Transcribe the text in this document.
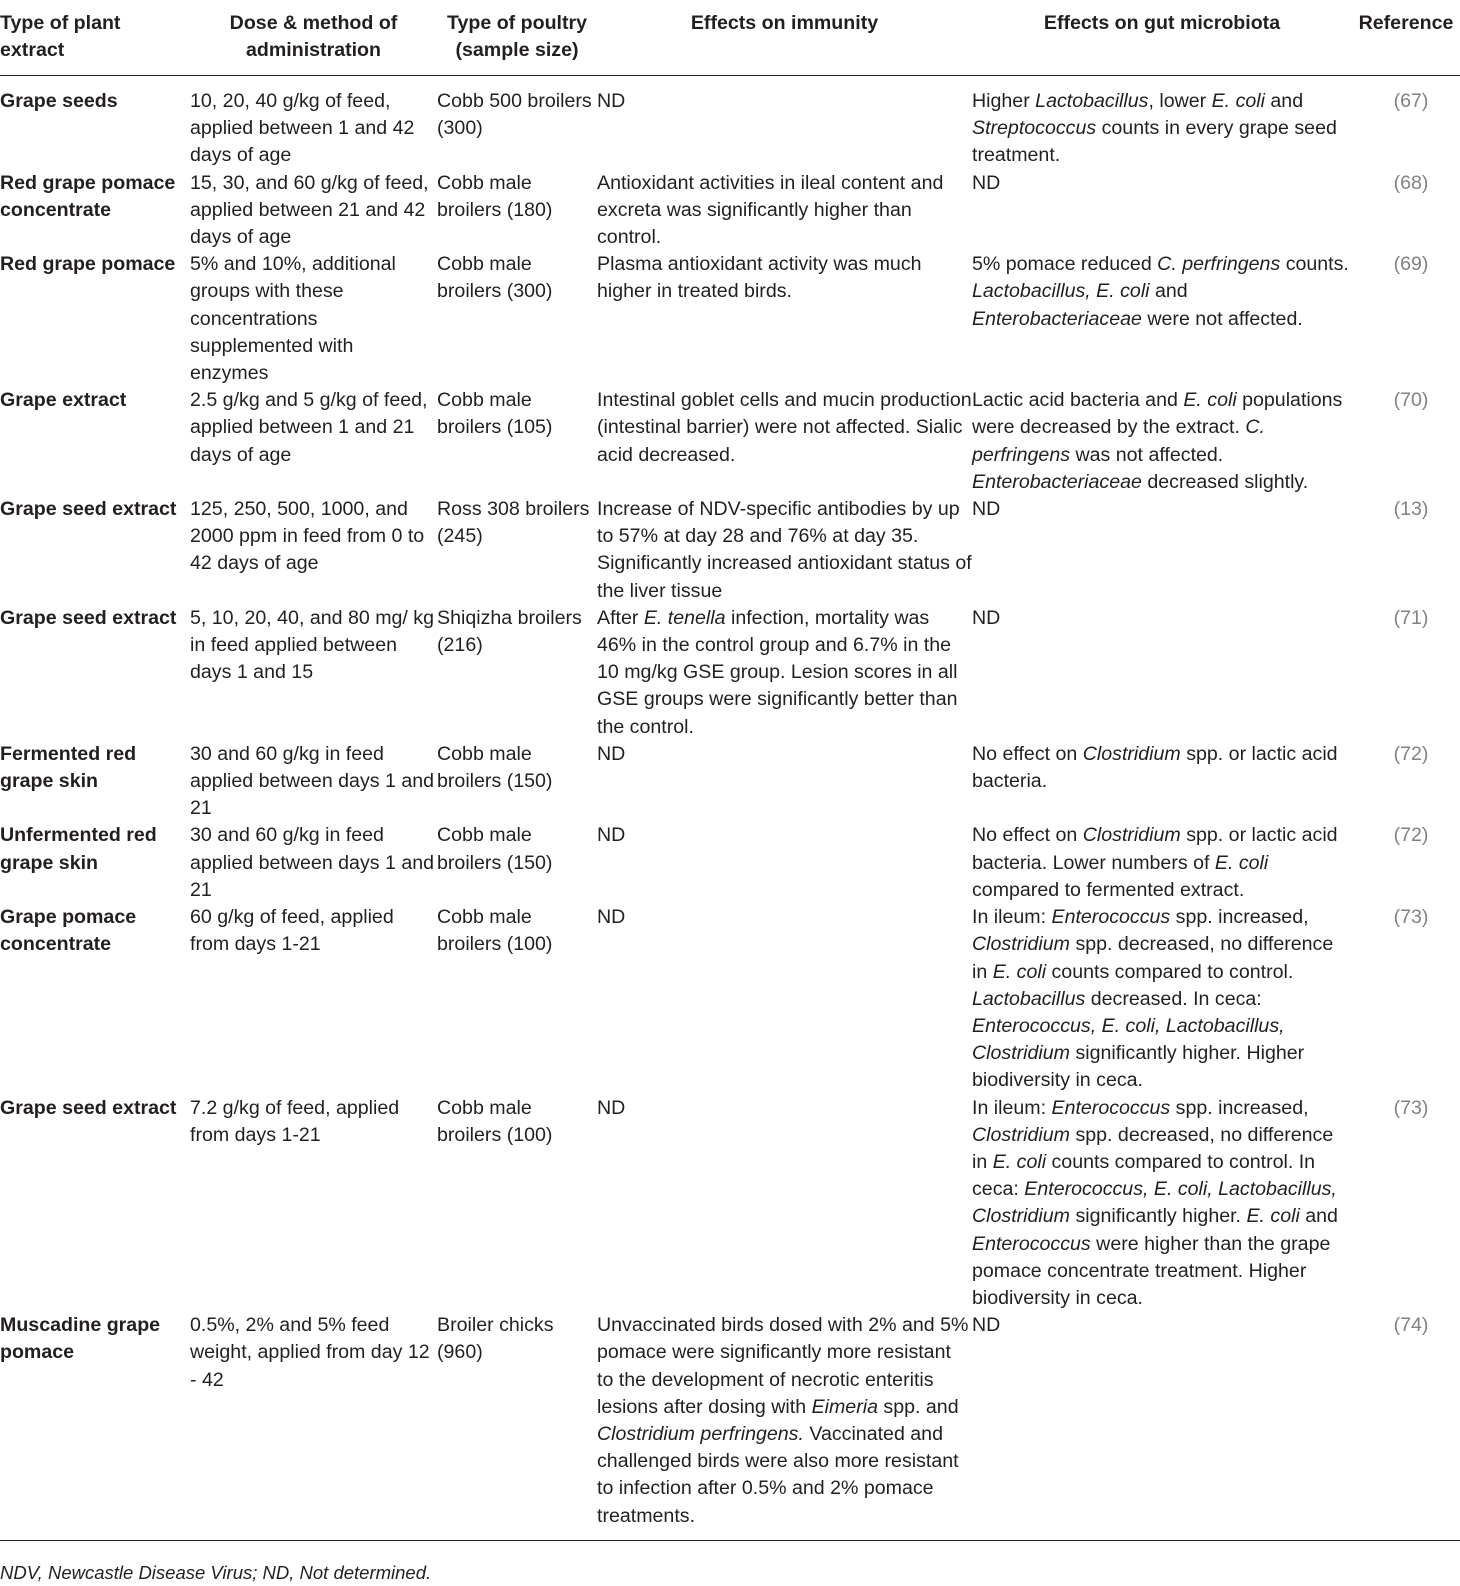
Type of plant extract	Dose & method of administration	Type of poultry (sample size)	Effects on immunity	Effects on gut microbiota	Reference
Grape seeds	10, 20, 40 g/kg of feed, applied between 1 and 42 days of age	Cobb 500 broilers (300)	ND	Higher Lactobacillus, lower E. coli and Streptococcus counts in every grape seed treatment.	(67)
Red grape pomace concentrate	15, 30, and 60 g/kg of feed, applied between 21 and 42 days of age	Cobb male broilers (180)	Antioxidant activities in ileal content and excreta was significantly higher than control.	ND	(68)
Red grape pomace	5% and 10%, additional groups with these concentrations supplemented with enzymes	Cobb male broilers (300)	Plasma antioxidant activity was much higher in treated birds.	5% pomace reduced C. perfringens counts. Lactobacillus, E. coli and Enterobacteriaceae were not affected.	(69)
Grape extract	2.5 g/kg and 5 g/kg of feed, applied between 1 and 21 days of age	Cobb male broilers (105)	Intestinal goblet cells and mucin production (intestinal barrier) were not affected. Sialic acid decreased.	Lactic acid bacteria and E. coli populations were decreased by the extract. C. perfringens was not affected. Enterobacteriaceae decreased slightly.	(70)
Grape seed extract	125, 250, 500, 1000, and 2000 ppm in feed from 0 to 42 days of age	Ross 308 broilers (245)	Increase of NDV-specific antibodies by up to 57% at day 28 and 76% at day 35. Significantly increased antioxidant status of the liver tissue	ND	(13)
Grape seed extract	5, 10, 20, 40, and 80 mg/ kg in feed applied between days 1 and 15	Shiqizha broilers (216)	After E. tenella infection, mortality was 46% in the control group and 6.7% in the 10 mg/kg GSE group. Lesion scores in all GSE groups were significantly better than the control.	ND	(71)
Fermented red grape skin	30 and 60 g/kg in feed applied between days 1 and 21	Cobb male broilers (150)	ND	No effect on Clostridium spp. or lactic acid bacteria.	(72)
Unfermented red grape skin	30 and 60 g/kg in feed applied between days 1 and 21	Cobb male broilers (150)	ND	No effect on Clostridium spp. or lactic acid bacteria. Lower numbers of E. coli compared to fermented extract.	(72)
Grape pomace concentrate	60 g/kg of feed, applied from days 1-21	Cobb male broilers (100)	ND	In ileum: Enterococcus spp. increased, Clostridium spp. decreased, no difference in E. coli counts compared to control. Lactobacillus decreased. In ceca: Enterococcus, E. coli, Lactobacillus, Clostridium significantly higher. Higher biodiversity in ceca.	(73)
Grape seed extract	7.2 g/kg of feed, applied from days 1-21	Cobb male broilers (100)	ND	In ileum: Enterococcus spp. increased, Clostridium spp. decreased, no difference in E. coli counts compared to control. In ceca: Enterococcus, E. coli, Lactobacillus, Clostridium significantly higher. E. coli and Enterococcus were higher than the grape pomace concentrate treatment. Higher biodiversity in ceca.	(73)
Muscadine grape pomace	0.5%, 2% and 5% feed weight, applied from day 12 - 42	Broiler chicks (960)	Unvaccinated birds dosed with 2% and 5% pomace were significantly more resistant to the development of necrotic enteritis lesions after dosing with Eimeria spp. and Clostridium perfringens. Vaccinated and challenged birds were also more resistant to infection after 0.5% and 2% pomace treatments.	ND	(74)
NDV, Newcastle Disease Virus; ND, Not determined.
